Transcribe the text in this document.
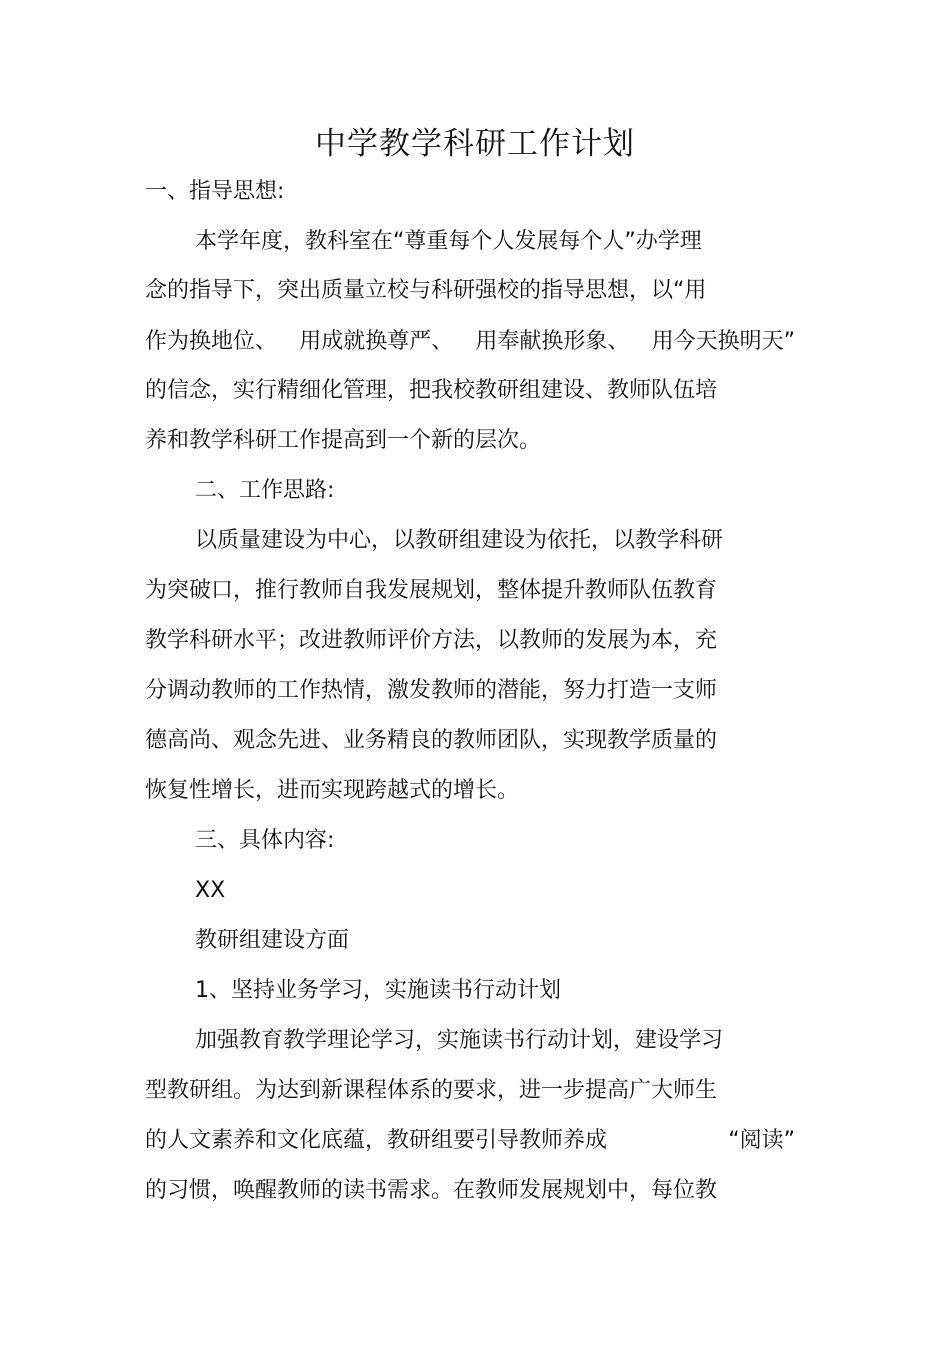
中学教学科研工作计划
一、指导思想:
本学年度，教科室在“尊重每个人发展每个人”办学理
念的指导下，突出质量立校与科研强校的指导思想，以“用
作为换地位、 用成就换尊严、 用奉献换形象、 用今天换明天”
的信念，实行精细化管理，把我校教研组建设、教师队伍培
养和教学科研工作提高到一个新的层次。
二、工作思路:
以质量建设为中心，以教研组建设为依托，以教学科研
为突破口，推行教师自我发展规划，整体提升教师队伍教育
教学科研水平；改进教师评价方法，以教师的发展为本，充
分调动教师的工作热情，激发教师的潜能，努力打造一支师
德高尚、观念先进、业务精良的教师团队，实现教学质量的
恢复性增长，进而实现跨越式的增长。
三、具体内容:
XX
教研组建设方面
1、坚持业务学习，实施读书行动计划
加强教育教学理论学习，实施读书行动计划，建设学习
型教研组。为达到新课程体系的要求，进一步提高广大师生
的人文素养和文化底蕴，教研组要引导教师养成	“阅读”
的习惯，唤醒教师的读书需求。在教师发展规划中，每位教
